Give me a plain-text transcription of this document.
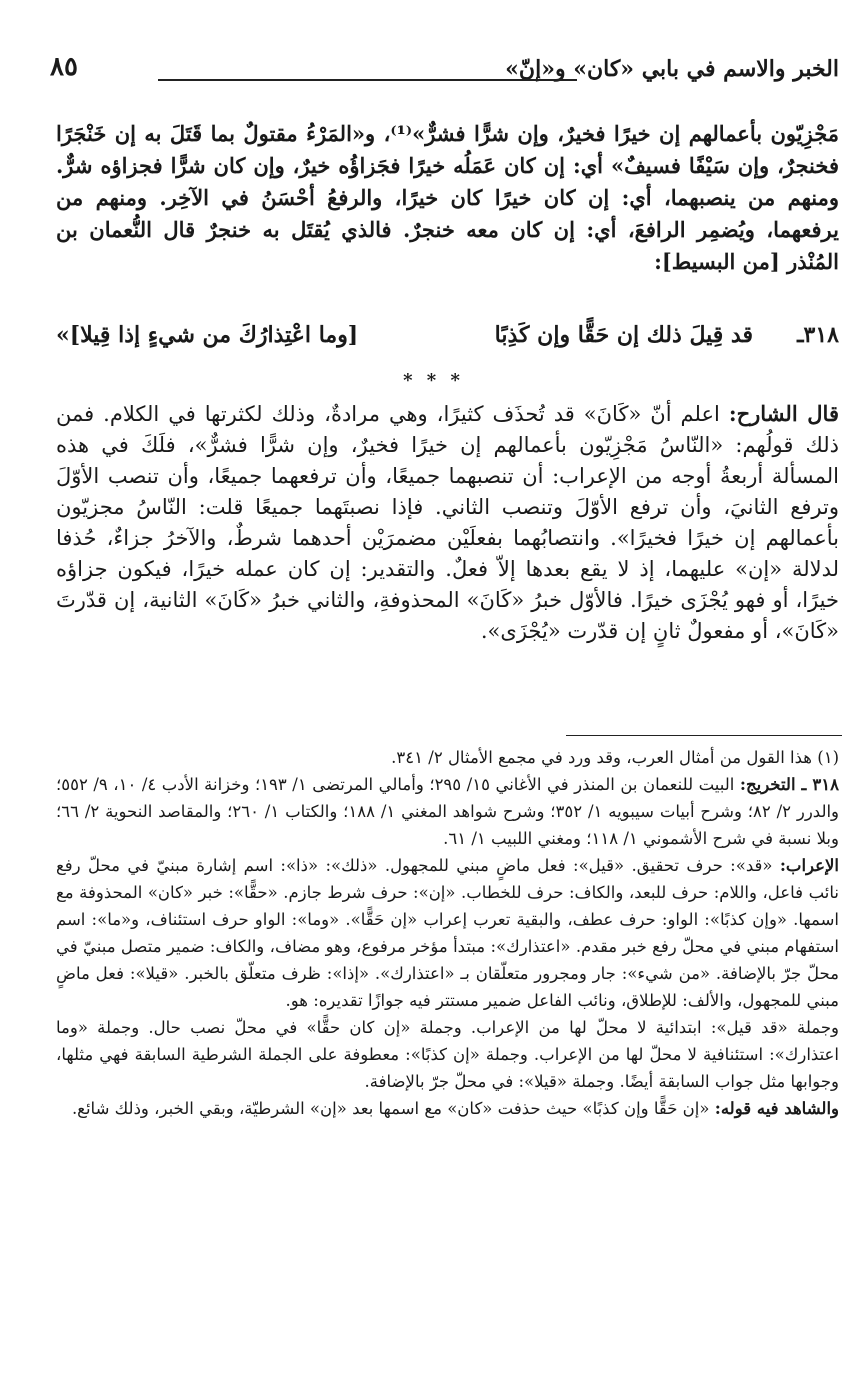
الخبر والاسم في بابي «كان» و«إنّ»
٨٥
مَجْزِيّون بأعمالهم إن خيرًا فخيرٌ، وإن شرًّا فشرٌّ»⁽¹⁾، و«المَرْءُ مقتولٌ بما قَتَلَ به إن خَنْجَرًا فخنجرٌ، وإن سَيْفًا فسيفٌ» أي: إن كان عَمَلُه خيرًا فجَزاؤُه خيرٌ، وإن كان شرًّا فجزاؤه شرٌّ. ومنهم من ينصبهما، أي: إن كان خيرًا كان خيرًا، والرفعُ أحْسَنُ في الآخِر. ومنهم من يرفعهما، ويُضمِر الرافعَ، أي: إن كان معه خنجرٌ. فالذي يُقتَل به خنجرٌ قال النُّعمان بن المُنْذر [من البسيط]:
٣١٨ـ
قد قِيلَ ذلك إن حَقًّا وإن كَذِبًا
[وما اعْتِذارُكَ من شيءٍ إذا قِيلا]»
* * *
قال الشارح: اعلم أنّ «كَانَ» قد تُحذَف كثيرًا، وهي مرادةٌ، وذلك لكثرتها في الكلام. فمن ذلك قولُهم: «النّاسُ مَجْزِيّون بأعمالهم إن خيرًا فخيرٌ، وإن شرًّا فشرٌّ»، فلَكَ في هذه المسألة أربعةُ أوجه من الإعراب: أن تنصبهما جميعًا، وأن ترفعهما جميعًا، وأن تنصب الأوّلَ وترفع الثانيَ، وأن ترفع الأوّلَ وتنصب الثاني. فإذا نصبتَهما جميعًا قلت: النّاسُ مجزيّون بأعمالهم إن خيرًا فخيرًا». وانتصابُهما بفعلَيْن مضمرَيْن أحدهما شرطٌ، والآخرُ جزاءٌ، حُذفا لدلالة «إن» عليهما، إذ لا يقع بعدها إلاّ فعلٌ. والتقدير: إن كان عمله خيرًا، فيكون جزاؤه خيرًا، أو فهو يُجْزَى خيرًا. فالأوّل خبرُ «كَانَ» المحذوفةِ، والثاني خبرُ «كَانَ» الثانية، إن قدّرتَ «كَانَ»، أو مفعولٌ ثانٍ إن قدّرت «يُجْزَى».

(١) هذا القول من أمثال العرب، وقد ورد في مجمع الأمثال ٢/ ٣٤١.

٣١٨ ـ التخريج: البيت للنعمان بن المنذر في الأغاني ١٥/ ٢٩٥؛ وأمالي المرتضى ١/ ١٩٣؛ وخزانة الأدب ٤/ ١٠، ٩/ ٥٥٢؛ والدرر ٢/ ٨٢؛ وشرح أبيات سيبويه ١/ ٣٥٢؛ وشرح شواهد المغني ١/ ١٨٨؛ والكتاب ١/ ٢٦٠؛ والمقاصد النحوية ٢/ ٦٦؛ وبلا نسبة في شرح الأشموني ١/ ١١٨؛ ومغني اللبيب ١/ ٦١.

الإعراب: «قد»: حرف تحقيق. «قيل»: فعل ماضٍ مبني للمجهول. «ذلك»: «ذا»: اسم إشارة مبنيّ في محلّ رفع نائب فاعل، واللام: حرف للبعد، والكاف: حرف للخطاب. «إن»: حرف شرط جازم. «حقًّا»: خبر «كان» المحذوفة مع اسمها. «وإن كذبًا»: الواو: حرف عطف، والبقية تعرب إعراب «إن حَقًّا». «وما»: الواو حرف استئناف، و«ما»: اسم استفهام مبني في محلّ رفع خبر مقدم. «اعتذارك»: مبتدأ مؤخر مرفوع، وهو مضاف، والكاف: ضمير متصل مبنيّ في محلّ جرّ بالإضافة. «من شيء»: جار ومجرور متعلّقان بـ «اعتذارك». «إذا»: ظرف متعلّق بالخبر. «قيلا»: فعل ماضٍ مبني للمجهول، والألف: للإطلاق، ونائب الفاعل ضمير مستتر فيه جوازًا تقديره: هو.

وجملة «قد قيل»: ابتدائية لا محلّ لها من الإعراب. وجملة «إن كان حقًّا» في محلّ نصب حال. وجملة «وما اعتذارك»: استئنافية لا محلّ لها من الإعراب. وجملة «إن كذبًا»: معطوفة على الجملة الشرطية السابقة فهي مثلها، وجوابها مثل جواب السابقة أيضًا. وجملة «قيلا»: في محلّ جرّ بالإضافة.

والشاهد فيه قوله: «إن حَقًّا وإن كذبًا» حيث حذفت «كان» مع اسمها بعد «إن» الشرطيّة، وبقي الخبر، وذلك شائع.
